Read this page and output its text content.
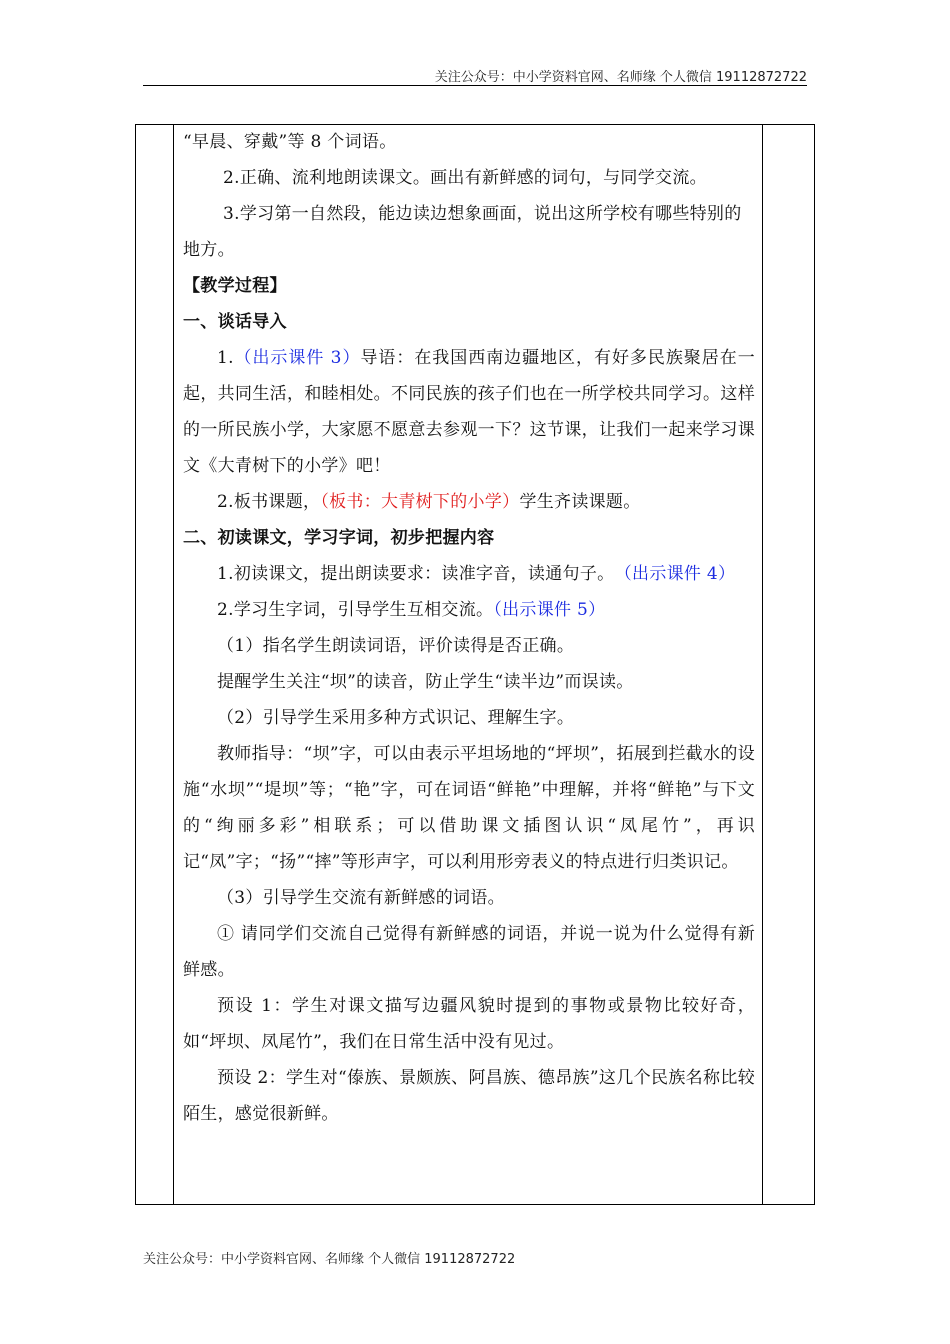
关注公众号：中小学资料官网、名师缘 个人微信 19112872722

“早晨、穿戴”等 8 个词语。

2.正确、流利地朗读课文。画出有新鲜感的词句，与同学交流。

3.学习第一自然段，能边读边想象画面，说出这所学校有哪些特别的地方。

【教学过程】

一、谈话导入

1.（出示课件 3）导语：在我国西南边疆地区，有好多民族聚居在一起，共同生活，和睦相处。不同民族的孩子们也在一所学校共同学习。这样的一所民族小学，大家愿不愿意去参观一下？这节课，让我们一起来学习课文《大青树下的小学》吧！

2.板书课题，（板书：大青树下的小学）学生齐读课题。

二、初读课文，学习字词，初步把握内容

1.初读课文，提出朗读要求：读准字音，读通句子。　（出示课件 4）

2.学习生字词，引导学生互相交流。（出示课件 5）

（1）指名学生朗读词语，评价读得是否正确。

提醒学生关注“坝”的读音，防止学生“读半边”而误读。

（2）引导学生采用多种方式识记、理解生字。

教师指导：“坝”字，可以由表示平坦场地的“坪坝”，拓展到拦截水的设施“水坝”“堤坝”等；“艳”字，可在词语“鲜艳”中理解，并将“鲜艳”与下文的“绚丽多彩”相联系；可以借助课文插图认识“凤尾竹”，再识记“凤”字；“扬”“摔”等形声字，可以利用形旁表义的特点进行归类识记。

（3）引导学生交流有新鲜感的词语。

① 请同学们交流自己觉得有新鲜感的词语，并说一说为什么觉得有新鲜感。

预设 1：学生对课文描写边疆风貌时提到的事物或景物比较好奇，如“坪坝、凤尾竹”，我们在日常生活中没有见过。

预设 2：学生对“傣族、景颇族、阿昌族、德昂族”这几个民族名称比较陌生，感觉很新鲜。

关注公众号：中小学资料官网、名师缘 个人微信 19112872722
